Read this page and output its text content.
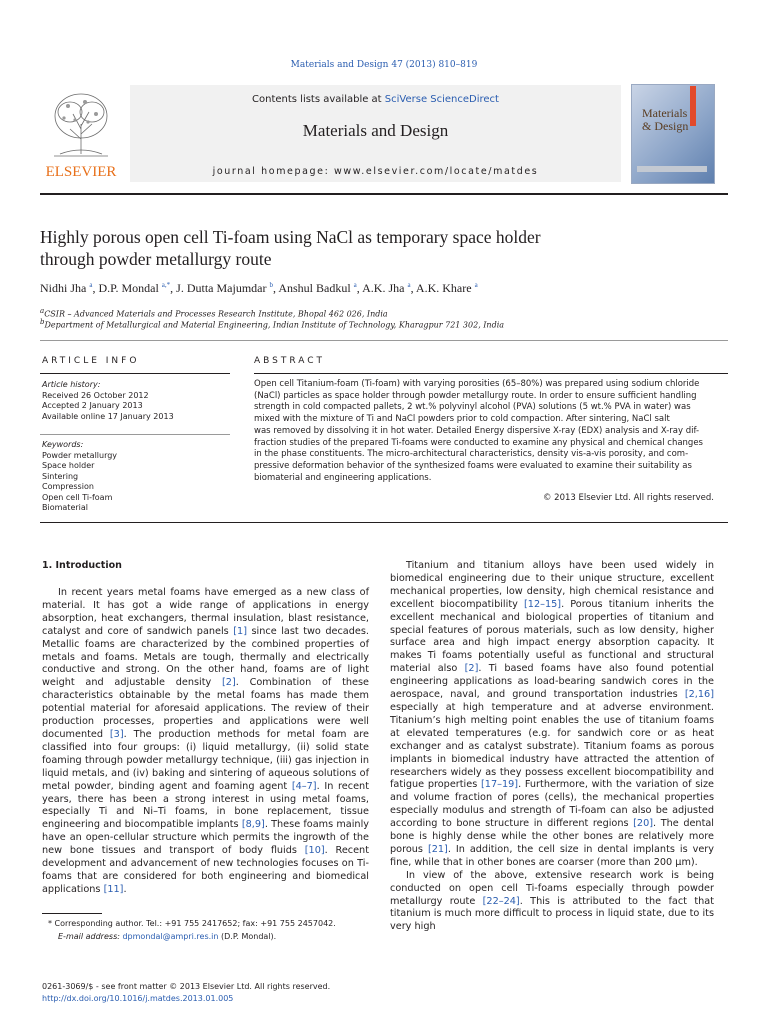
Materials and Design 47 (2013) 810–819
ELSEVIER
Contents lists available at SciVerse ScienceDirect
Materials and Design
journal homepage: www.elsevier.com/locate/matdes
Materials
& Design
Highly porous open cell Ti-foam using NaCl as temporary space holder
through powder metallurgy route
Nidhi Jha $^a$, D.P. Mondal $^{a,*}$, J. Dutta Majumdar $^b$, Anshul Badkul $^a$, A.K. Jha $^a$, A.K. Khare $^a$
$^a$CSIR – Advanced Materials and Processes Research Institute, Bhopal 462 026, India
$^b$Department of Metallurgical and Material Engineering, Indian Institute of Technology, Kharagpur 721 302, India
ARTICLE INFO
Article history:
Received 26 October 2012
Accepted 2 January 2013
Available online 17 January 2013
Keywords:
Powder metallurgy
Space holder
Sintering
Compression
Open cell Ti-foam
Biomaterial
ABSTRACT
Open cell Titanium-foam (Ti-foam) with varying porosities (65–80%) was prepared using sodium chloride
(NaCl) particles as space holder through powder metallurgy route. In order to ensure sufficient handling
strength in cold compacted pallets, 2 wt.% polyvinyl alcohol (PVA) solutions (5 wt.% PVA in water) was
mixed with the mixture of Ti and NaCl powders prior to cold compaction. After sintering, NaCl salt
was removed by dissolving it in hot water. Detailed Energy dispersive X-ray (EDX) analysis and X-ray dif-
fraction studies of the prepared Ti-foams were conducted to examine any physical and chemical changes
in the phase constituents. The micro-architectural characteristics, density vis-a-vis porosity, and com-
pressive deformation behavior of the synthesized foams were evaluated to examine their suitability as
biomaterial and engineering applications.
© 2013 Elsevier Ltd. All rights reserved.
1. Introduction

In recent years metal foams have emerged as a new class of material. It has got a wide range of applications in energy absorption, heat exchangers, thermal insulation, blast resistance, catalyst and core of sandwich panels [1] since last two decades. Metallic foams are characterized by the combined properties of metals and foams. Metals are tough, thermally and electrically conductive and strong. On the other hand, foams are of light weight and adjustable density [2]. Combination of these characteristics obtainable by the metal foams has made them potential material for aforesaid applications. The review of their production processes, properties and applications were well documented [3]. The production methods for metal foam are classified into four groups: (i) liquid metallurgy, (ii) solid state foaming through powder metallurgy technique, (iii) gas injection in liquid metals, and (iv) baking and sintering of aqueous solutions of metal powder, binding agent and foaming agent [4–7]. In recent years, there has been a strong interest in using metal foams, especially Ti and Ni–Ti foams, in bone replacement, tissue engineering and biocompatible implants [8,9]. These foams mainly have an open-cellular structure which permits the ingrowth of the new bone tissues and transport of body fluids [10]. Recent development and advancement of new technologies focuses on Ti-foams that are considered for both engineering and biomedical applications [11].

Titanium and titanium alloys have been used widely in biomedical engineering due to their unique structure, excellent mechanical properties, low density, high chemical resistance and excellent biocompatibility [12–15]. Porous titanium inherits the excellent mechanical and biological properties of titanium and special features of porous materials, such as low density, higher surface area and high impact energy absorption capacity. It makes Ti foams potentially useful as functional and structural material also [2]. Ti based foams have also found potential engineering applications as load-bearing sandwich cores in the aerospace, naval, and ground transportation industries [2,16] especially at high temperature and at adverse environment. Titanium’s high melting point enables the use of titanium foams at elevated temperatures (e.g. for sandwich core or as heat exchanger and as catalyst substrate). Titanium foams as porous implants in biomedical industry have attracted the attention of researchers widely as they possess excellent biocompatibility and fatigue properties [17–19]. Furthermore, with the variation of size and volume fraction of pores (cells), the mechanical properties especially modulus and strength of Ti-foam can also be adjusted according to bone structure in different regions [20]. The dental bone is highly dense while the other bones are relatively more porous [21]. In addition, the cell size in dental implants is very fine, while that in other bones are coarser (more than 200 μm).

In view of the above, extensive research work is being conducted on open cell Ti-foams especially through powder metallurgy route [22–24]. This is attributed to the fact that titanium is much more difficult to process in liquid state, due to its very high

* Corresponding author. Tel.: +91 755 2417652; fax: +91 755 2457042.
E-mail address: dpmondal@ampri.res.in (D.P. Mondal).
0261-3069/$ - see front matter © 2013 Elsevier Ltd. All rights reserved.
http://dx.doi.org/10.1016/j.matdes.2013.01.005
